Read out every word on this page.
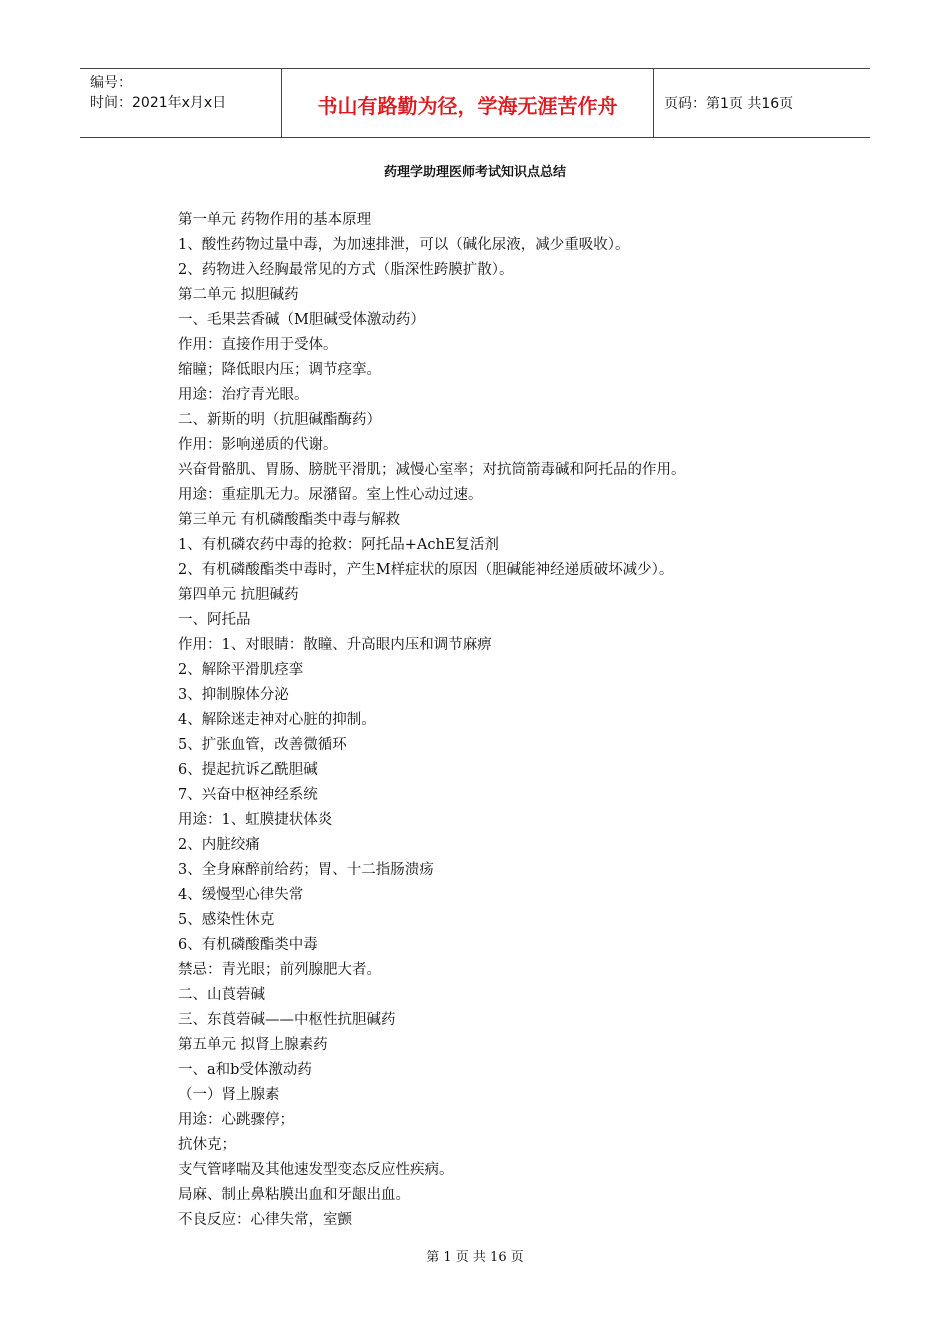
编号：
时间：2021年x月x日	书山有路勤为径，学海无涯苦作舟	页码：第1页 共16页
药理学助理医师考试知识点总结
第一单元 药物作用的基本原理
1、酸性药物过量中毒，为加速排泄，可以（碱化尿液，减少重吸收）。
2、药物进入经胸最常见的方式（脂深性跨膜扩散）。
第二单元 拟胆碱药
一、毛果芸香碱（M胆碱受体激动药）
作用：直接作用于受体。
缩瞳；降低眼内压；调节痉挛。
用途：治疗青光眼。
二、新斯的明（抗胆碱酯酶药）
作用：影响递质的代谢。
兴奋骨骼肌、胃肠、膀胱平滑肌；减慢心室率；对抗筒箭毒碱和阿托品的作用。
用途：重症肌无力。尿潴留。室上性心动过速。
第三单元 有机磷酸酯类中毒与解救
1、有机磷农药中毒的抢救：阿托品+AchE复活剂
2、有机磷酸酯类中毒时，产生M样症状的原因（胆碱能神经递质破坏减少）。
第四单元 抗胆碱药
一、阿托品
作用：1、对眼睛：散瞳、升高眼内压和调节麻痹
2、解除平滑肌痉挛
3、抑制腺体分泌
4、解除迷走神对心脏的抑制。
5、扩张血管，改善微循环
6、提起抗诉乙酰胆碱
7、兴奋中枢神经系统
用途：1、虹膜捷状体炎
2、内脏绞痛
3、全身麻醉前给药；胃、十二指肠溃疡
4、缓慢型心律失常
5、感染性休克
6、有机磷酸酯类中毒
禁忌：青光眼；前列腺肥大者。
二、山莨菪碱
三、东莨菪碱——中枢性抗胆碱药
第五单元 拟肾上腺素药
一、a和b受体激动药
（一）肾上腺素
用途：心跳骤停；
抗休克；
支气管哮喘及其他速发型变态反应性疾病。
局麻、制止鼻粘膜出血和牙龈出血。
不良反应：心律失常，室颤
第 1 页 共 16 页
